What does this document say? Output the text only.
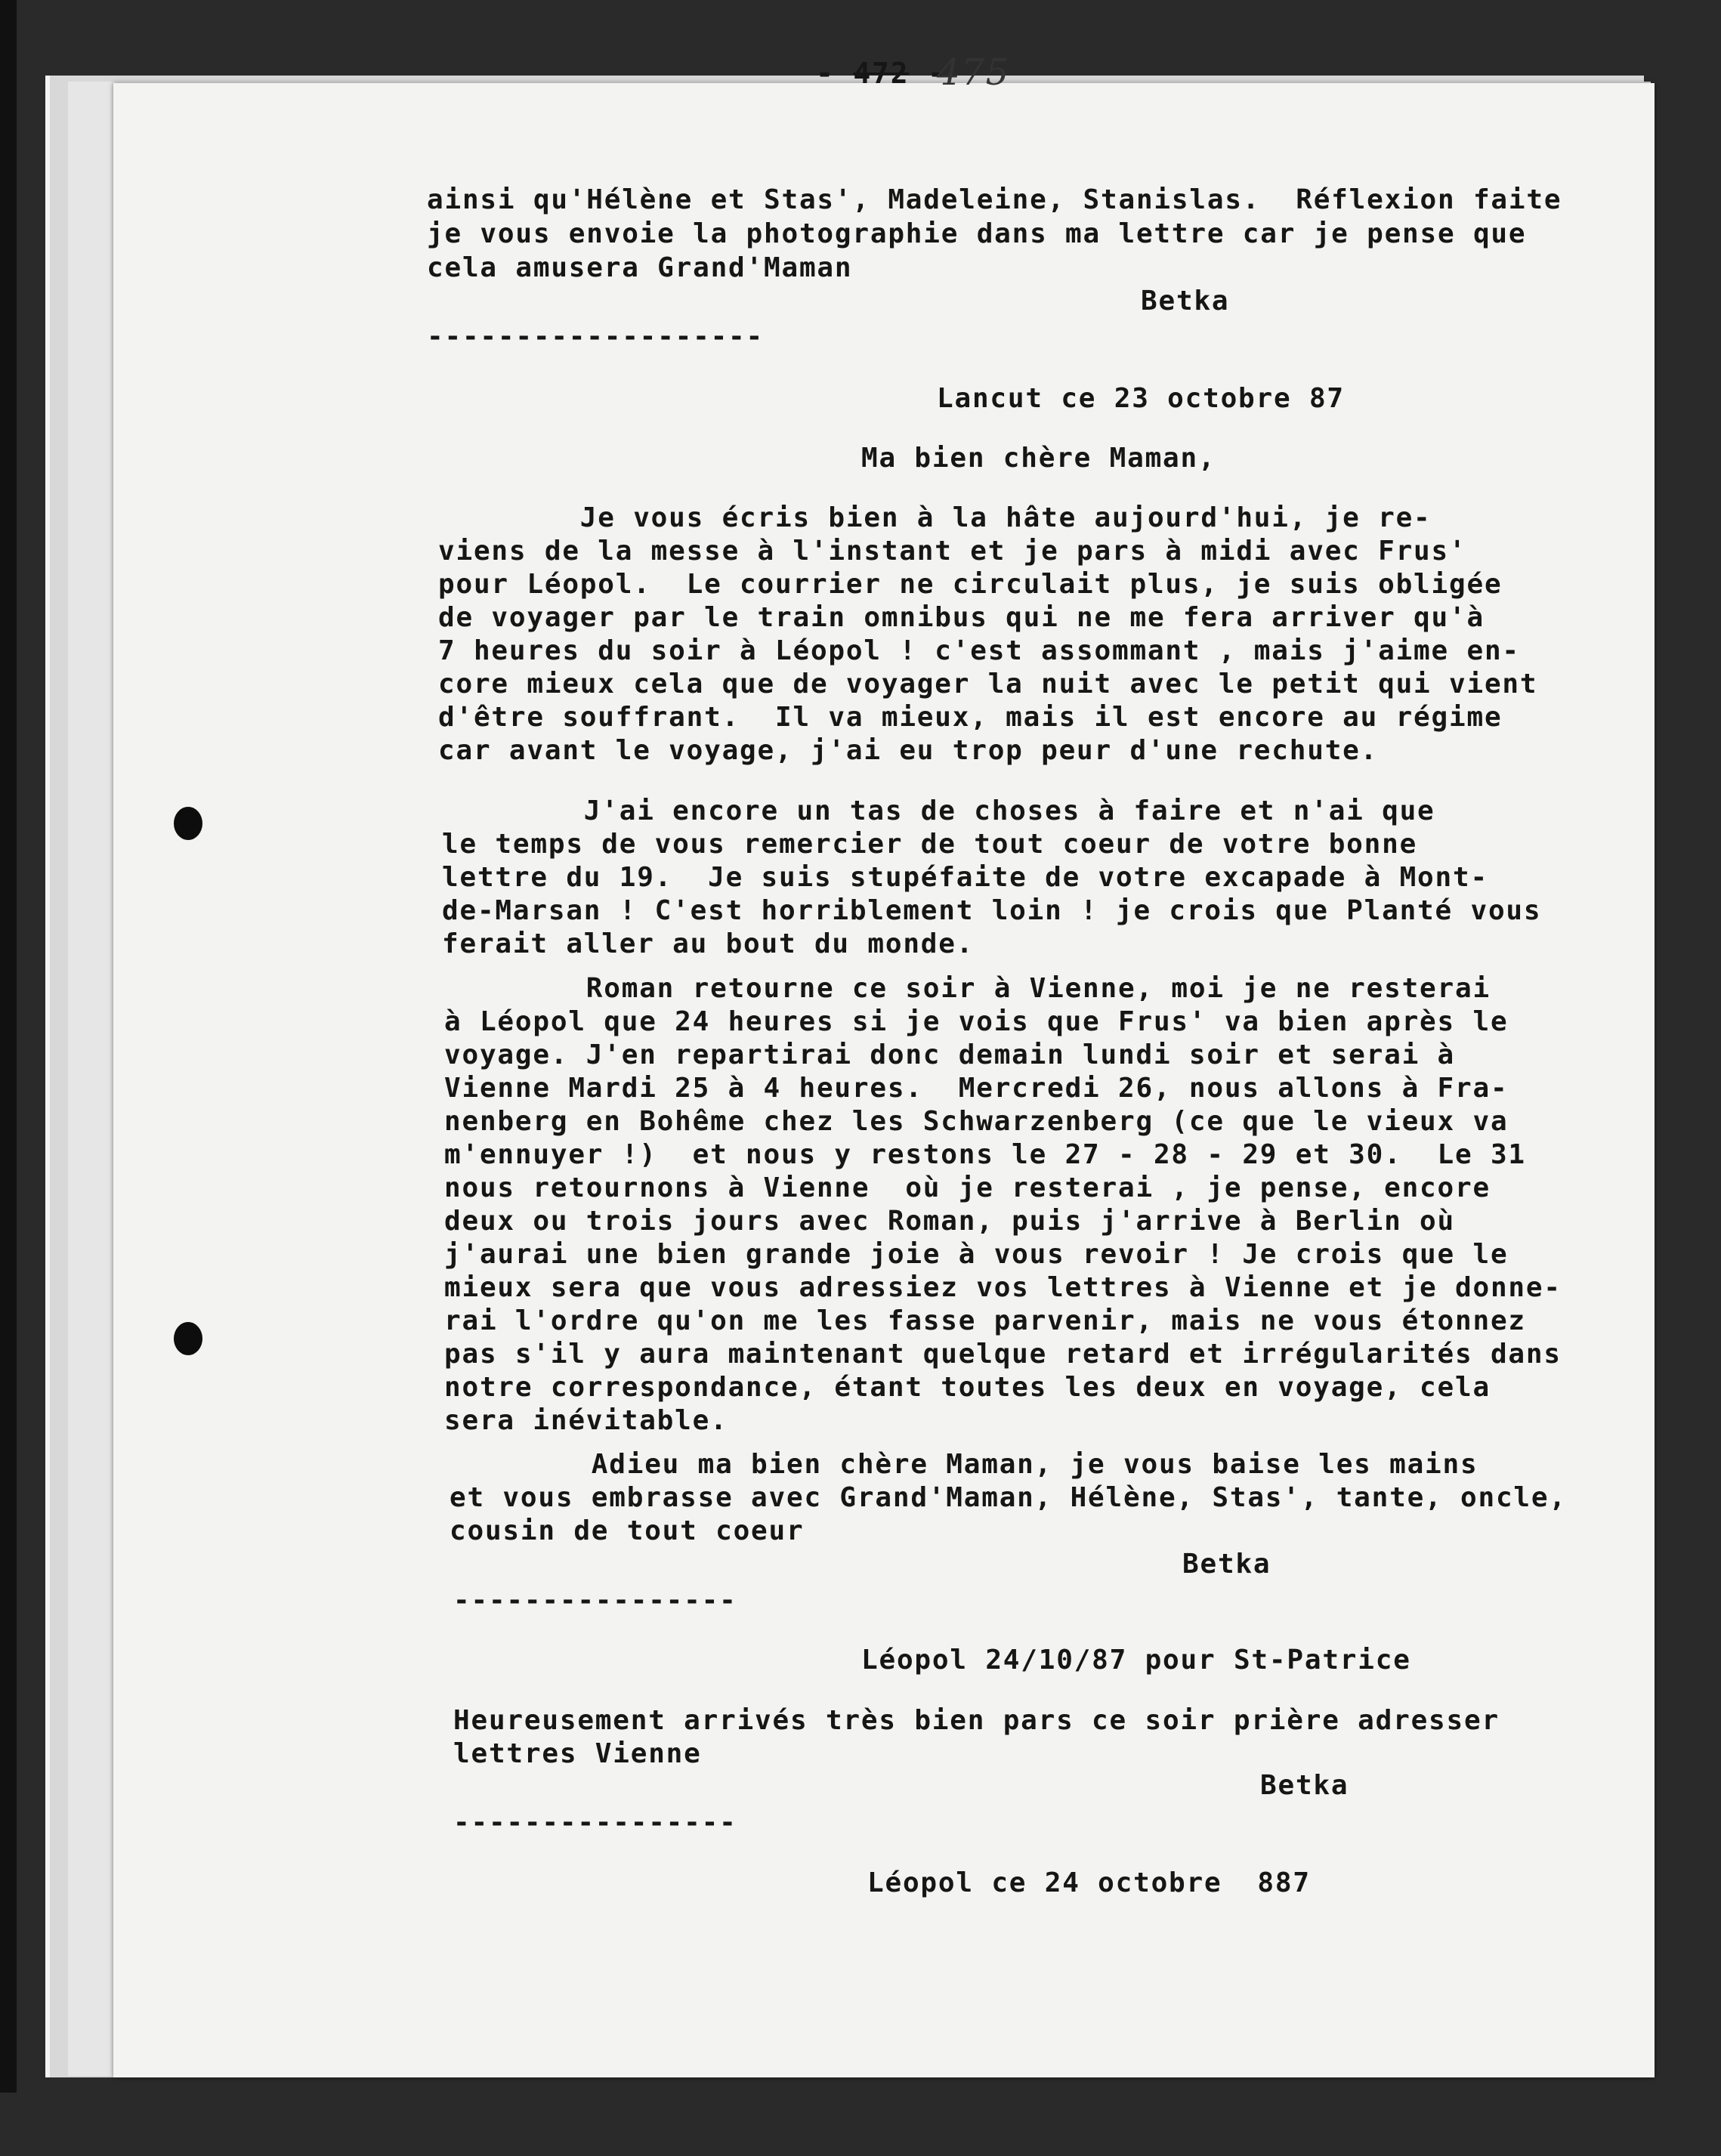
- 472 -
475
ainsi qu'Hélène et Stas', Madeleine, Stanislas.  Réflexion faite
je vous envoie la photographie dans ma lettre car je pense que
cela amusera Grand'Maman
Betka
-------------------
Lancut ce 23 octobre 87
Ma bien chère Maman,
Je vous écris bien à la hâte aujourd'hui, je re-
viens de la messe à l'instant et je pars à midi avec Frus'
pour Léopol.  Le courrier ne circulait plus, je suis obligée
de voyager par le train omnibus qui ne me fera arriver qu'à
7 heures du soir à Léopol ! c'est assommant , mais j'aime en-
core mieux cela que de voyager la nuit avec le petit qui vient
d'être souffrant.  Il va mieux, mais il est encore au régime
car avant le voyage, j'ai eu trop peur d'une rechute.
J'ai encore un tas de choses à faire et n'ai que
le temps de vous remercier de tout coeur de votre bonne
lettre du 19.  Je suis stupéfaite de votre excapade à Mont-
de-Marsan ! C'est horriblement loin ! je crois que Planté vous
ferait aller au bout du monde.
Roman retourne ce soir à Vienne, moi je ne resterai
à Léopol que 24 heures si je vois que Frus' va bien après le
voyage. J'en repartirai donc demain lundi soir et serai à
Vienne Mardi 25 à 4 heures.  Mercredi 26, nous allons à Fra-
nenberg en Bohême chez les Schwarzenberg (ce que le vieux va
m'ennuyer !)  et nous y restons le 27 - 28 - 29 et 30.  Le 31
nous retournons à Vienne  où je resterai , je pense, encore
deux ou trois jours avec Roman, puis j'arrive à Berlin où
j'aurai une bien grande joie à vous revoir ! Je crois que le
mieux sera que vous adressiez vos lettres à Vienne et je donne-
rai l'ordre qu'on me les fasse parvenir, mais ne vous étonnez
pas s'il y aura maintenant quelque retard et irrégularités dans
notre correspondance, étant toutes les deux en voyage, cela
sera inévitable.
Adieu ma bien chère Maman, je vous baise les mains
et vous embrasse avec Grand'Maman, Hélène, Stas', tante, oncle,
cousin de tout coeur
Betka
----------------
Léopol 24/10/87 pour St-Patrice
Heureusement arrivés très bien pars ce soir prière adresser
lettres Vienne
Betka
----------------
Léopol ce 24 octobre  887
